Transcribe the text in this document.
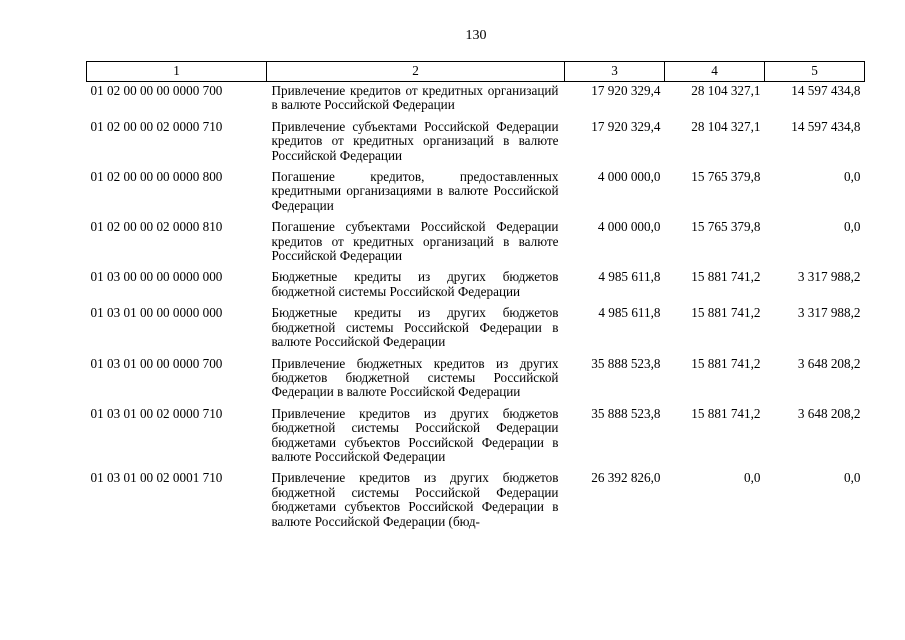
130
1	2	3	4	5
01 02 00 00 00 0000 700	Привлечение кредитов от кредитных организаций в валюте Российской Федерации	17 920 329,4	28 104 327,1	14 597 434,8
01 02 00 00 02 0000 710	Привлечение субъектами Российской Федерации кредитов от кредитных организаций в валюте Российской Федерации	17 920 329,4	28 104 327,1	14 597 434,8
01 02 00 00 00 0000 800	Погашение кредитов, предоставленных кредитными организациями в валюте Российской Федерации	4 000 000,0	15 765 379,8	0,0
01 02 00 00 02 0000 810	Погашение субъектами Российской Федерации кредитов от кредитных организаций в валюте Российской Федерации	4 000 000,0	15 765 379,8	0,0
01 03 00 00 00 0000 000	Бюджетные кредиты из других бюджетов бюджетной системы Российской Федерации	4 985 611,8	15 881 741,2	3 317 988,2
01 03 01 00 00 0000 000	Бюджетные кредиты из других бюджетов бюджетной системы Российской Федерации в валюте Российской Федерации	4 985 611,8	15 881 741,2	3 317 988,2
01 03 01 00 00 0000 700	Привлечение бюджетных кредитов из других бюджетов бюджетной системы Российской Федерации в валюте Российской Федерации	35 888 523,8	15 881 741,2	3 648 208,2
01 03 01 00 02 0000 710	Привлечение кредитов из других бюджетов бюджетной системы Российской Федерации бюджетами субъектов Российской Федерации в валюте Российской Федерации	35 888 523,8	15 881 741,2	3 648 208,2
01 03 01 00 02 0001 710	Привлечение кредитов из других бюджетов бюджетной системы Российской Федерации бюджетами субъектов Российской Федерации в валюте Российской Федерации (бюд-	26 392 826,0	0,0	0,0
